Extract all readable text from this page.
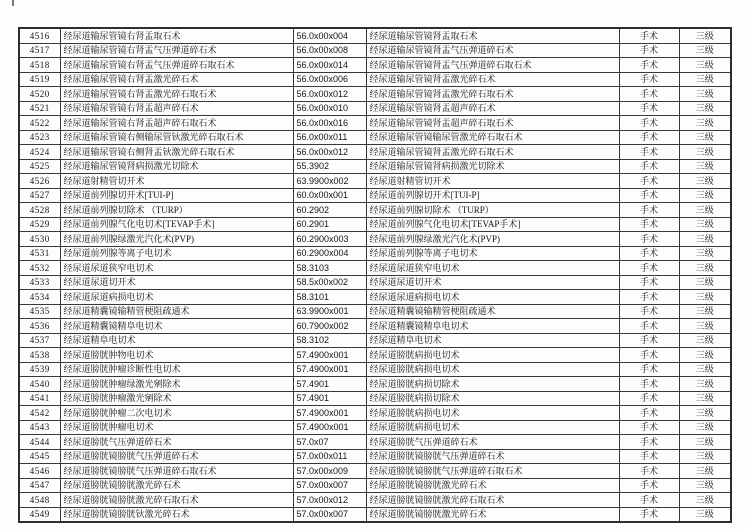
4516	经尿道输尿管镜右肾盂取石术	56.0x00x004	经尿道输尿管镜肾盂取石术	手术	三级
4517	经尿道输尿管镜右肾盂气压弹道碎石术	56.0x00x008	经尿道输尿管镜肾盂气压弹道碎石术	手术	三级
4518	经尿道输尿管镜右肾盂气压弹道碎石取石术	56.0x00x014	经尿道输尿管镜肾盂气压弹道碎石取石术	手术	三级
4519	经尿道输尿管镜右肾盂激光碎石术	56.0x00x006	经尿道输尿管镜肾盂激光碎石术	手术	三级
4520	经尿道输尿管镜右肾盂激光碎石取石术	56.0x00x012	经尿道输尿管镜肾盂激光碎石取石术	手术	三级
4521	经尿道输尿管镜右肾盂超声碎石术	56.0x00x010	经尿道输尿管镜肾盂超声碎石术	手术	三级
4522	经尿道输尿管镜右肾盂超声碎石取石术	56.0x00x016	经尿道输尿管镜肾盂超声碎石取石术	手术	三级
4523	经尿道输尿管镜右侧输尿管钬激光碎石取石术	56.0x00x011	经尿道输尿管镜输尿管激光碎石取石术	手术	三级
4524	经尿道输尿管镜右侧肾盂钬激光碎石取石术	56.0x00x012	经尿道输尿管镜肾盂激光碎石取石术	手术	三级
4525	经尿道输尿管镜肾病损激光切除术	55.3902	经尿道输尿管镜肾病损激光切除术	手术	三级
4526	经尿道射精管切开术	63.9900x002	经尿道射精管切开术	手术	三级
4527	经尿道前列腺切开术[TUI-P]	60.0x00x001	经尿道前列腺切开术[TUI-P]	手术	三级
4528	经尿道前列腺切除术 （TURP）	60.2902	经尿道前列腺切除术 （TURP）	手术	三级
4529	经尿道前列腺气化电切术[TEVAP手术]	60.2901	经尿道前列腺气化电切术[TEVAP手术]	手术	三级
4530	经尿道前列腺绿激光汽化术(PVP)	60.2900x003	经尿道前列腺绿激光汽化术(PVP)	手术	三级
4531	经尿道前列腺等离子电切术	60.2900x004	经尿道前列腺等离子电切术	手术	三级
4532	经尿道尿道狭窄电切术	58.3103	经尿道尿道狭窄电切术	手术	三级
4533	经尿道尿道切开术	58.5x00x002	经尿道尿道切开术	手术	三级
4534	经尿道尿道病损电切术	58.3101	经尿道尿道病损电切术	手术	三级
4535	经尿道精囊镜输精管梗阻疏通术	63.9900x001	经尿道精囊镜输精管梗阻疏通术	手术	三级
4536	经尿道精囊镜精阜电切术	60.7900x002	经尿道精囊镜精阜电切术	手术	三级
4537	经尿道精阜电切术	58.3102	经尿道精阜电切术	手术	三级
4538	经尿道膀胱肿物电切术	57.4900x001	经尿道膀胱病损电切术	手术	三级
4539	经尿道膀胱肿瘤诊断性电切术	57.4900x001	经尿道膀胱病损电切术	手术	三级
4540	经尿道膀胱肿瘤绿激光剜除术	57.4901	经尿道膀胱病损切除术	手术	三级
4541	经尿道膀胱肿瘤激光剜除术	57.4901	经尿道膀胱病损切除术	手术	三级
4542	经尿道膀胱肿瘤二次电切术	57.4900x001	经尿道膀胱病损电切术	手术	三级
4543	经尿道膀胱肿瘤电切术	57.4900x001	经尿道膀胱病损电切术	手术	三级
4544	经尿道膀胱气压弹道碎石术	57.0x07	经尿道膀胱气压弹道碎石术	手术	三级
4545	经尿道膀胱镜膀胱气压弹道碎石术	57.0x00x011	经尿道膀胱镜膀胱气压弹道碎石术	手术	三级
4546	经尿道膀胱镜膀胱气压弹道碎石取石术	57.0x00x009	经尿道膀胱镜膀胱气压弹道碎石取石术	手术	三级
4547	经尿道膀胱镜膀胱激光碎石术	57.0x00x007	经尿道膀胱镜膀胱激光碎石术	手术	三级
4548	经尿道膀胱镜膀胱激光碎石取石术	57.0x00x012	经尿道膀胱镜膀胱激光碎石取石术	手术	三级
4549	经尿道膀胱镜膀胱钬激光碎石术	57.0x00x007	经尿道膀胱镜膀胱激光碎石术	手术	三级
